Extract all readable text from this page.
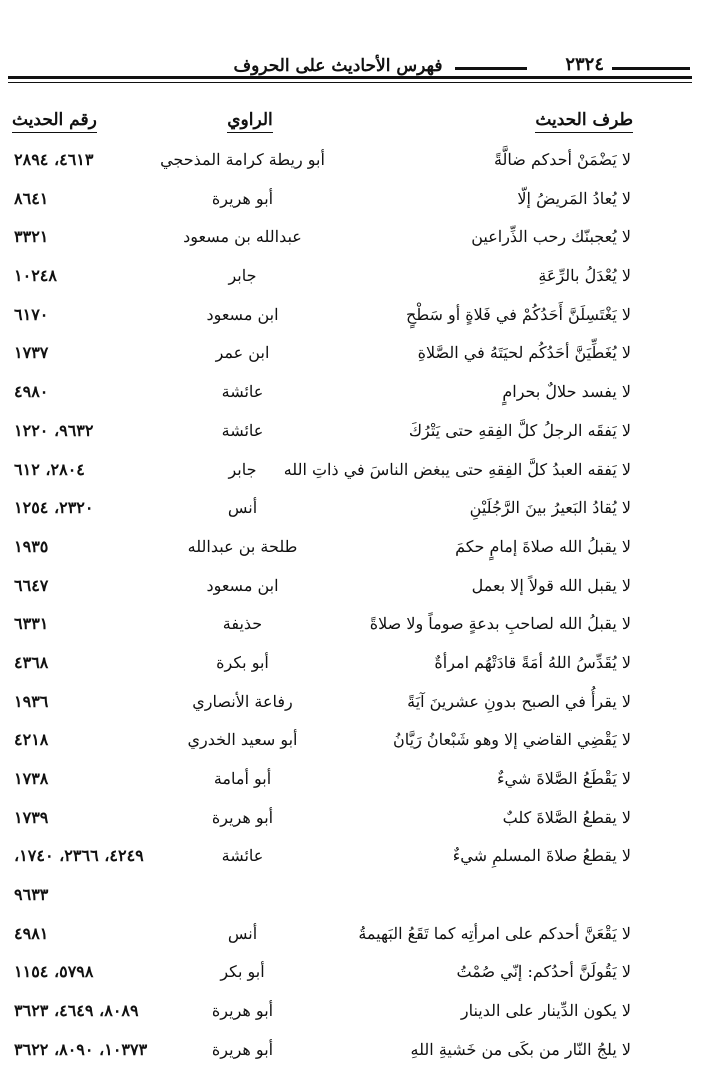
فهرس الأحاديث على الحروف	٢٣٢٤
طرف الحديث
الراوي
رقم الحديث
لا يَضْمَنْ أحدكم ضالَّةً
أبو ريطة كرامة المذحجي
٤٦١٣، ٢٨٩٤
لا يُعادُ المَريضُ إلّا
أبو هريرة
٨٦٤١
لا يُعجبنّك رحب الذِّراعين
عبدالله بن مسعود
٣٣٢١
لا يُعْدَلُ بالرِّعَةِ
جابر
١٠٢٤٨
لا يَغْتَسِلَنَّ أَحَدُكُمْ في فَلاةٍ أو سَطْحٍ
ابن مسعود
٦١٧٠
لا يُغَطِّيَنَّ أحَدُكُم لحيَتَهُ في الصَّلاةِ
ابن عمر
١٧٣٧
لا يفسد حلالٌ بحرامٍ
عائشة
٤٩٨٠
لا يَفقَه الرجلُ كلَّ الفِقهِ حتى يَتْرُكَ
عائشة
٩٦٣٢، ١٢٢٠
لا يَفقه العبدُ كلَّ الفِقهِ حتى يبغض الناسَ في ذاتِ الله
جابر
٢٨٠٤، ٦١٢
لا يُقادُ البَعيرُ بينَ الرَّجُلَيْنِ
أنس
٢٣٢٠، ١٢٥٤
لا يقبلُ الله صلاةَ إمامٍ حكمَ
طلحة بن عبدالله
١٩٣٥
لا يقبل الله قولاً إلا بعمل
ابن مسعود
٦٦٤٧
لا يقبلُ الله لصاحبِ بدعةٍ صوماً ولا صلاةً
حذيفة
٦٣٣١
لا يُقَدِّسُ اللهُ أمَةً قادَتْهُم امرأةٌ
أبو بكرة
٤٣٦٨
لا يقرأُ في الصبح بدونِ عشرينَ آيَةً
رفاعة الأنصاري
١٩٣٦
لا يَقْضِي القاضي إلا وهو شَبْعانُ رَيَّانُ
أبو سعيد الخدري
٤٢١٨
لا يَقْطَعُ الصَّلاةَ شيءٌ
أبو أمامة
١٧٣٨
لا يقطعُ الصَّلاةَ كلبٌ
أبو هريرة
١٧٣٩
لا يقطعُ صلاةَ المسلمِ شيءٌ
عائشة
٤٢٤٩، ٢٣٦٦، ١٧٤٠،
٩٦٣٣
لا يَقْعَنَّ أحدكم على امرأتِه كما تَقَعُ البَهيمةُ
أنس
٤٩٨١
لا يَقُولَنَّ أحدُكم: إنّي صُمْتُ
أبو بكر
٥٧٩٨، ١١٥٤
لا يكون الدِّينار على الدينار
أبو هريرة
٨٠٨٩، ٤٦٤٩، ٣٦٢٣
لا يلجُ النّار من بكَى من خَشيةِ اللهِ
أبو هريرة
١٠٣٧٣، ٨٠٩٠، ٣٦٢٢
